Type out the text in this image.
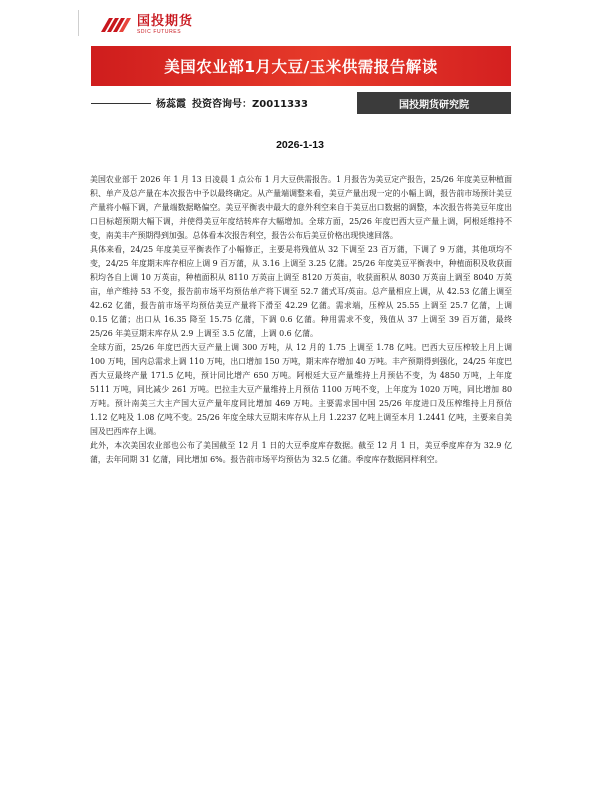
国投期货
SDIC FUTURES
美国农业部1月大豆/玉米供需报告解读
杨蕊霞 投资咨询号：Z0011333	国投期货研究院
2026-1-13

美国农业部于 2026 年 1 月 13 日凌晨 1 点公布 1 月大豆供需报告。1 月报告为美豆定产报告，25/26 年度美豆种植面积、单产及总产量在本次报告中予以最终确定。从产量端调整来看，美豆产量出现一定的小幅上调，报告前市场预计美豆产量将小幅下调，产量端数据略偏空。美豆平衡表中最大的意外利空来自于美豆出口数据的调整，本次报告将美豆年度出口目标超预期大幅下调，并使得美豆年度结转库存大幅增加。全球方面，25/26 年度巴西大豆产量上调，阿根廷维持不变，南美丰产预期得到加强。总体看本次报告利空，报告公布后美豆价格出现快速回落。

具体来看，24/25 年度美豆平衡表作了小幅修正，主要是将残值从 32 下调至 23 百万蒲，下调了 9 万蒲，其他项均不变，24/25 年度期末库存相应上调 9 百万蒲，从 3.16 上调至 3.25 亿蒲。25/26 年度美豆平衡表中，种植面积及收获面积均各自上调 10 万英亩，种植面积从 8110 万英亩上调至 8120 万英亩，收获面积从 8030 万英亩上调至 8040 万英亩，单产维持 53 不变，报告前市场平均预估单产将下调至 52.7 蒲式耳/英亩。总产量相应上调，从 42.53 亿蒲上调至 42.62 亿蒲，报告前市场平均预估美豆产量将下滑至 42.29 亿蒲。需求端，压榨从 25.55 上调至 25.7 亿蒲，上调 0.15 亿蒲；出口从 16.35 降至 15.75 亿蒲，下调 0.6 亿蒲。种用需求不变，残值从 37 上调至 39 百万蒲，最终 25/26 年美豆期末库存从 2.9 上调至 3.5 亿蒲，上调 0.6 亿蒲。

全球方面，25/26 年度巴西大豆产量上调 300 万吨，从 12 月的 1.75 上调至 1.78 亿吨。巴西大豆压榨较上月上调 100 万吨，国内总需求上调 110 万吨，出口增加 150 万吨，期末库存增加 40 万吨。丰产预期得到强化，24/25 年度巴西大豆最终产量 171.5 亿吨，预计同比增产 650 万吨。阿根廷大豆产量维持上月预估不变，为 4850 万吨，上年度 5111 万吨，同比减少 261 万吨。巴拉圭大豆产量维持上月预估 1100 万吨不变，上年度为 1020 万吨，同比增加 80 万吨。预计南美三大主产国大豆产量年度同比增加 469 万吨。主要需求国中国 25/26 年度进口及压榨维持上月预估 1.12 亿吨及 1.08 亿吨不变。25/26 年度全球大豆期末库存从上月 1.2237 亿吨上调至本月 1.2441 亿吨，主要来自美国及巴西库存上调。

此外，本次美国农业部也公布了美国截至 12 月 1 日的大豆季度库存数据。截至 12 月 1 日，美豆季度库存为 32.9 亿蒲，去年同期 31 亿蒲，同比增加 6%。报告前市场平均预估为 32.5 亿蒲。季度库存数据同样利空。
